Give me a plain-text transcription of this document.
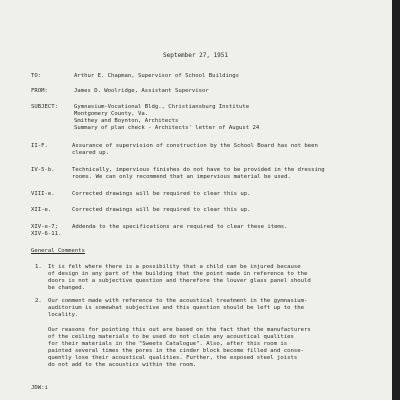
September 27, 1951
TO:	Arthur E. Chapman, Supervisor of School Buildings
FROM:	James D. Woolridge, Assistant Supervisor
SUBJECT:	Gymnasium-Vocational Bldg., Christiansburg Institute
Montgomery County, Va.
Smithey and Boynton, Architects
Summary of plan check - Architects' letter of August 24
II-F.	Assurance of supervision of construction by the School Board has not been
cleared up.
IV-5-b.	Technically, impervious finishes do not have to be provided in the dressing
rooms. We can only recommend that an impervious material be used.
VIII-e.	Corrected drawings will be required to clear this up.
XII-e.	Corrected drawings will be required to clear this up.
XIV-e-7;	Addenda to the specifications are required to clear these items.
XIV-6-11.
General Comments
1. It is felt where there is a possibility that a child can be injured because
of design in any part of the building that the point made in reference to the
doors is not a subjective question and therefore the louver glass panel should
be changed.
2. Our comment made with reference to the acoustical treatment in the gymnasium-
auditorium is somewhat subjective and this question should be left up to the
locality.
Our reasons for pointing this out are based on the fact that the manufacturers
of the ceiling materials to be used do not claim any acoustical qualities
for their materials in the "Sweets Catalogue". Also, after this room is
painted several times the pores in the cinder block become filled and conse-
quently lose their acoustical qualities. Further, the exposed steel joists
do not add to the acoustics within the room.
JDW:i
